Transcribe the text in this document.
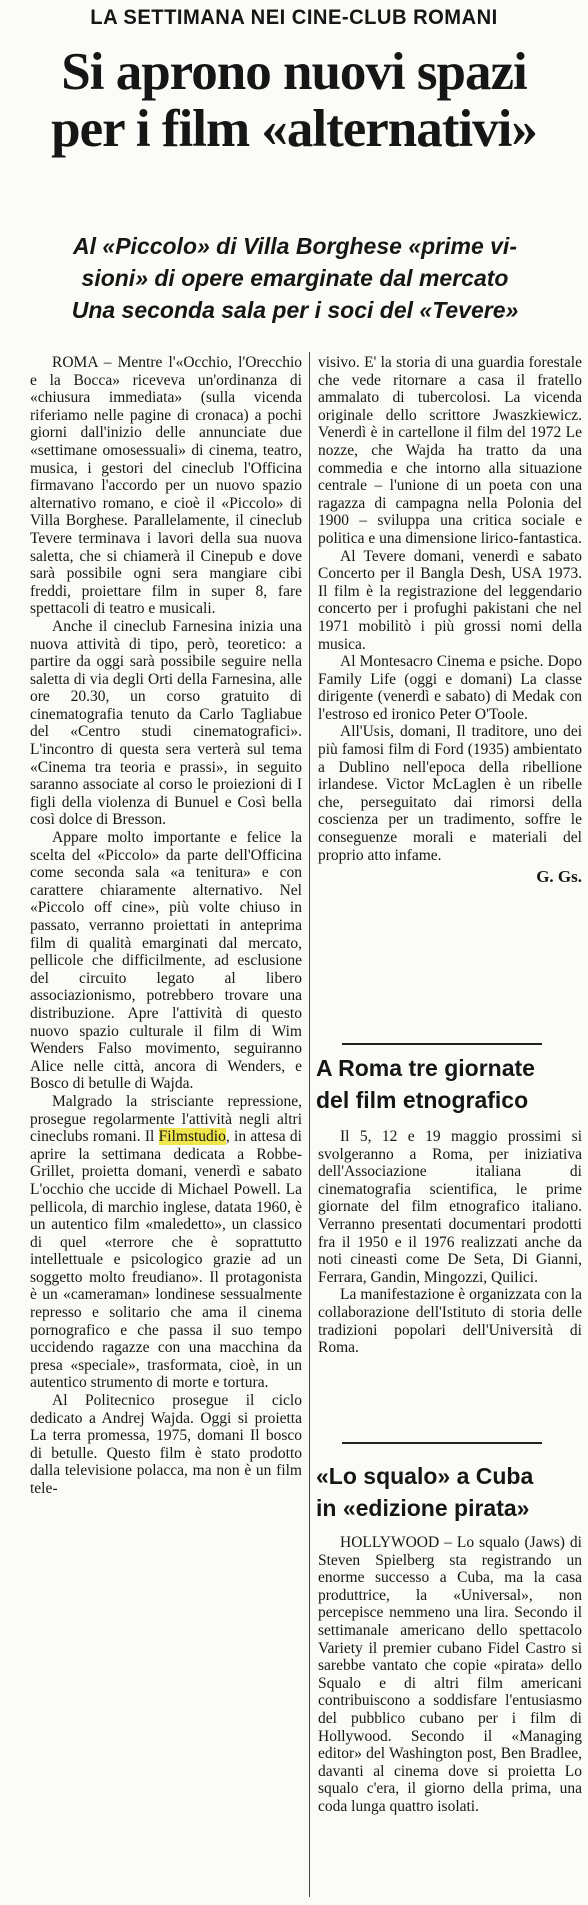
LA SETTIMANA NEI CINE-CLUB ROMANI
Si aprono nuovi spazi
per i film «alternativi»
Al «Piccolo» di Villa Borghese «prime vi-
sioni» di opere emarginate dal mercato
Una seconda sala per i soci del «Tevere»

ROMA – Mentre l'«Occhio, l'Orecchio e la Bocca» riceveva un'ordinanza di «chiusura immediata» (sulla vicenda riferiamo nelle pagine di cronaca) a pochi giorni dall'inizio delle annunciate due «settimane omosessuali» di cinema, teatro, musica, i gestori del cineclub l'Officina firmavano l'accordo per un nuovo spazio alternativo romano, e cioè il «Piccolo» di Villa Borghese. Parallelamente, il cineclub Tevere terminava i lavori della sua nuova saletta, che si chiamerà il Cinepub e dove sarà possibile ogni sera mangiare cibi freddi, proiettare film in super 8, fare spettacoli di teatro e musicali.

Anche il cineclub Farnesina inizia una nuova attività di tipo, però, teoretico: a partire da oggi sarà possibile seguire nella saletta di via degli Orti della Farnesina, alle ore 20.30, un corso gratuito di cinematografia tenuto da Carlo Tagliabue del «Centro studi cinematografici». L'incontro di questa sera verterà sul tema «Cinema tra teoria e prassi», in seguito saranno associate al corso le proiezioni di I figli della violenza di Bunuel e Così bella così dolce di Bresson.

Appare molto importante e felice la scelta del «Piccolo» da parte dell'Officina come seconda sala «a tenitura» e con carattere chiaramente alternativo. Nel «Piccolo off cine», più volte chiuso in passato, verranno proiettati in anteprima film di qualità emarginati dal mercato, pellicole che difficilmente, ad esclusione del circuito legato al libero associazionismo, potrebbero trovare una distribuzione. Apre l'attività di questo nuovo spazio culturale il film di Wim Wenders Falso movimento, seguiranno Alice nelle città, ancora di Wenders, e Bosco di betulle di Wajda.

Malgrado la strisciante repressione, prosegue regolarmente l'attività negli altri cineclubs romani. Il Filmstudio, in attesa di aprire la settimana dedicata a Robbe-Grillet, proietta domani, venerdì e sabato L'occhio che uccide di Michael Powell. La pellicola, di marchio inglese, datata 1960, è un autentico film «maledetto», un classico di quel «terrore che è soprattutto intellettuale e psicologico grazie ad un soggetto molto freudiano». Il protagonista è un «cameraman» londinese sessualmente represso e solitario che ama il cinema pornografico e che passa il suo tempo uccidendo ragazze con una macchina da presa «speciale», trasformata, cioè, in un autentico strumento di morte e tortura.

Al Politecnico prosegue il ciclo dedicato a Andrej Wajda. Oggi si proietta La terra promessa, 1975, domani Il bosco di betulle. Questo film è stato prodotto dalla televisione polacca, ma non è un film tele-

visivo. E' la storia di una guardia forestale che vede ritornare a casa il fratello ammalato di tubercolosi. La vicenda originale dello scrittore Jwaszkiewicz. Venerdì è in cartellone il film del 1972 Le nozze, che Wajda ha tratto da una commedia e che intorno alla situazione centrale – l'unione di un poeta con una ragazza di campagna nella Polonia del 1900 – sviluppa una critica sociale e politica e una dimensione lirico-fantastica.

Al Tevere domani, venerdì e sabato Concerto per il Bangla Desh, USA 1973. Il film è la registrazione del leggendario concerto per i profughi pakistani che nel 1971 mobilitò i più grossi nomi della musica.

Al Montesacro Cinema e psiche. Dopo Family Life (oggi e domani) La classe dirigente (venerdì e sabato) di Medak con l'estroso ed ironico Peter O'Toole.

All'Usis, domani, Il traditore, uno dei più famosi film di Ford (1935) ambientato a Dublino nell'epoca della ribellione irlandese. Victor McLaglen è un ribelle che, perseguitato dai rimorsi della coscienza per un tradimento, soffre le conseguenze morali e materiali del proprio atto infame.

G. Gs.
A Roma tre giornate
del film etnografico

Il 5, 12 e 19 maggio prossimi si svolgeranno a Roma, per iniziativa dell'Associazione italiana di cinematografia scientifica, le prime giornate del film etnografico italiano. Verranno presentati documentari prodotti fra il 1950 e il 1976 realizzati anche da noti cineasti come De Seta, Di Gianni, Ferrara, Gandin, Mingozzi, Quilici.

La manifestazione è organizzata con la collaborazione dell'Istituto di storia delle tradizioni popolari dell'Università di Roma.

«Lo squalo» a Cuba
in «edizione pirata»

HOLLYWOOD – Lo squalo (Jaws) di Steven Spielberg sta registrando un enorme successo a Cuba, ma la casa produttrice, la «Universal», non percepisce nemmeno una lira. Secondo il settimanale americano dello spettacolo Variety il premier cubano Fidel Castro si sarebbe vantato che copie «pirata» dello Squalo e di altri film americani contribuiscono a soddisfare l'entusiasmo del pubblico cubano per i film di Hollywood. Secondo il «Managing editor» del Washington post, Ben Bradlee, davanti al cinema dove si proietta Lo squalo c'era, il giorno della prima, una coda lunga quattro isolati.
